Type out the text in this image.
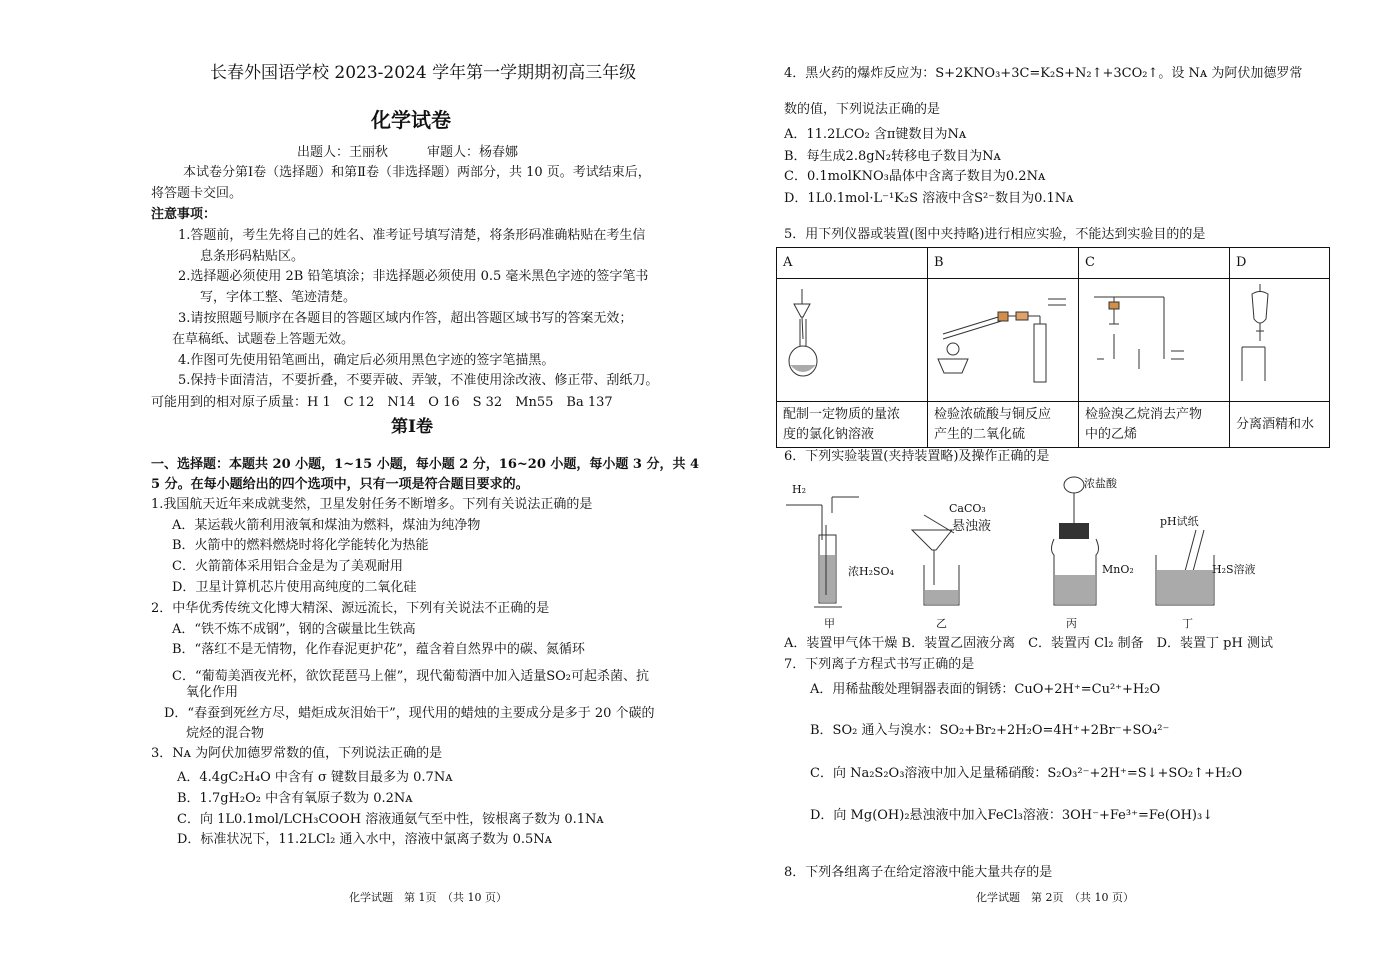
长春外国语学校 2023-2024 学年第一学期期初高三年级
化学试卷
出题人：王丽秋　　　审题人：杨春娜
本试卷分第Ⅰ卷（选择题）和第Ⅱ卷（非选择题）两部分，共 10 页。考试结束后，
将答题卡交回。
注意事项：
1.答题前，考生先将自己的姓名、准考证号填写清楚，将条形码准确粘贴在考生信
息条形码粘贴区。
2.选择题必须使用 2B 铅笔填涂；非选择题必须使用 0.5 毫米黑色字迹的签字笔书
写，字体工整、笔迹清楚。
3.请按照题号顺序在各题目的答题区域内作答，超出答题区域书写的答案无效；
在草稿纸、试题卷上答题无效。
4.作图可先使用铅笔画出，确定后必须用黑色字迹的签字笔描黑。
5.保持卡面清洁，不要折叠，不要弄破、弄皱，不准使用涂改液、修正带、刮纸刀。
可能用到的相对原子质量：H 1　C 12　N14　O 16　S 32　Mn55　Ba 137
第Ⅰ卷
一、选择题：本题共 20 小题，1~15 小题，每小题 2 分，16~20 小题，每小题 3 分，共 4
5 分。在每小题给出的四个选项中，只有一项是符合题目要求的。
1.我国航天近年来成就斐然，卫星发射任务不断增多。下列有关说法正确的是
A．某运载火箭利用液氧和煤油为燃料，煤油为纯净物
B．火箭中的燃料燃烧时将化学能转化为热能
C．火箭箭体采用铝合金是为了美观耐用
D．卫星计算机芯片使用高纯度的二氧化硅
2．中华优秀传统文化博大精深、源远流长，下列有关说法不正确的是
A．“铁不炼不成钢”，钢的含碳量比生铁高
B．“落红不是无情物，化作春泥更护花”，蕴含着自然界中的碳、氮循环
C．“葡萄美酒夜光杯，欲饮琵琶马上催”，现代葡萄酒中加入适量SO₂可起杀菌、抗
氧化作用
D．“春蚕到死丝方尽，蜡炬成灰泪始干”，现代用的蜡烛的主要成分是多于 20 个碳的
烷烃的混合物
3．Nᴀ 为阿伏加德罗常数的值，下列说法正确的是
A．4.4gC₂H₄O 中含有 σ 键数目最多为 0.7Nᴀ
B．1.7gH₂O₂ 中含有氧原子数为 0.2Nᴀ
C．向 1L0.1mol/LCH₃COOH 溶液通氨气至中性，铵根离子数为 0.1Nᴀ
D．标准状况下，11.2LCl₂ 通入水中，溶液中氯离子数为 0.5Nᴀ
化学试题　第 1页　（共 10 页）
4．黑火药的爆炸反应为：S+2KNO₃+3C=K₂S+N₂↑+3CO₂↑。设 Nᴀ 为阿伏加德罗常
数的值，下列说法正确的是
A．11.2LCO₂ 含π键数目为Nᴀ
B．每生成2.8gN₂转移电子数目为Nᴀ
C．0.1molKNO₃晶体中含离子数目为0.2Nᴀ
D．1L0.1mol·L⁻¹K₂S 溶液中含S²⁻数目为0.1Nᴀ
5．用下列仪器或装置(图中夹持略)进行相应实验，不能达到实验目的的是
A	B	C	D

配制一定物质的量浓度的氯化钠溶液	检验浓硫酸与铜反应产生的二氧化硫	检验溴乙烷消去产物中的乙烯	分离酒精和水
6．下列实验装置(夹持装置略)及操作正确的是
H₂
浓H₂SO₄
甲
CaCO₃
悬浊液
乙
浓盐酸
MnO₂
丙
pH试纸
H₂S溶液
丁
A．装置甲气体干燥 B．装置乙固液分离　C．装置丙 Cl₂ 制备　D．装置丁 pH 测试
7．下列离子方程式书写正确的是
A．用稀盐酸处理铜器表面的铜锈：CuO+2H⁺=Cu²⁺+H₂O
B．SO₂ 通入与溴水：SO₂+Br₂+2H₂O=4H⁺+2Br⁻+SO₄²⁻
C．向 Na₂S₂O₃溶液中加入足量稀硝酸：S₂O₃²⁻+2H⁺=S↓+SO₂↑+H₂O
D．向 Mg(OH)₂悬浊液中加入FeCl₃溶液：3OH⁻+Fe³⁺=Fe(OH)₃↓
8．下列各组离子在给定溶液中能大量共存的是
化学试题　第 2页　（共 10 页）
